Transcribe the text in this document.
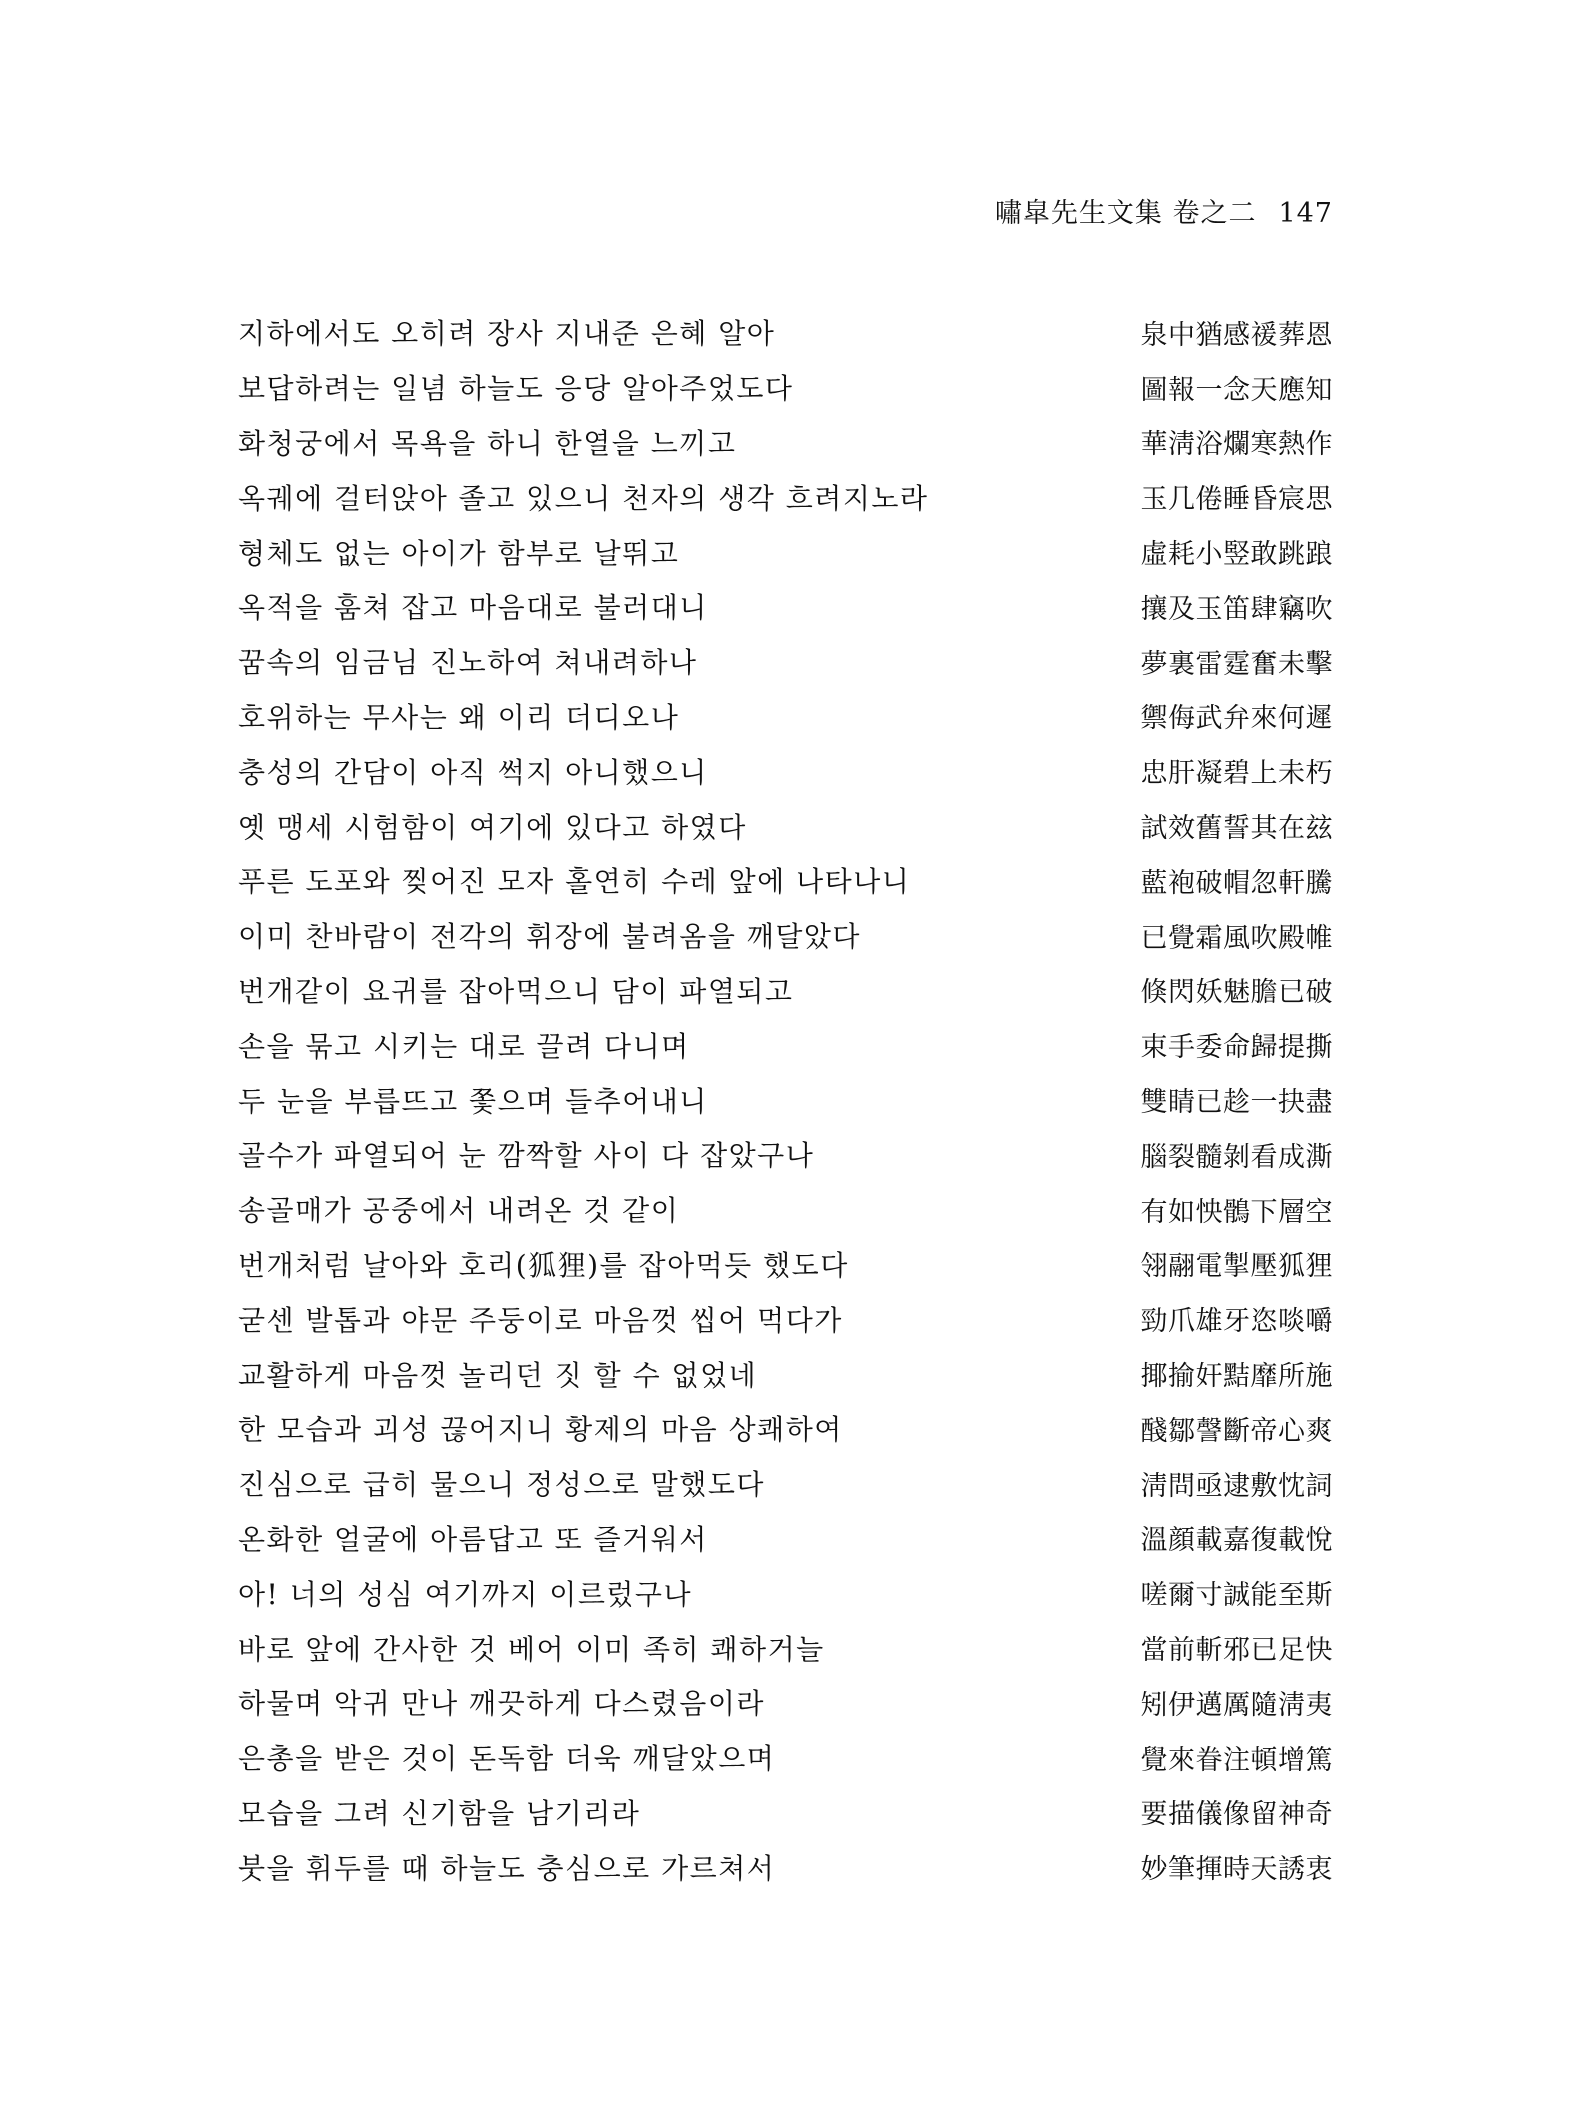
嘯皐先生文集 卷之二 147
지하에서도 오히려 장사 지내준 은혜 알아	泉中猶感禐葬恩
보답하려는 일념 하늘도 응당 알아주었도다	圖報一念天應知
화청궁에서 목욕을 하니 한열을 느끼고	華淸浴爛寒熱作
옥궤에 걸터앉아 졸고 있으니 천자의 생각 흐려지노라	玉几倦睡昏宸思
형체도 없는 아이가 함부로 날뛰고	虛耗小竪敢跳踉
옥적을 훔쳐 잡고 마음대로 불러대니	攘及玉笛肆竊吹
꿈속의 임금님 진노하여 쳐내려하나	夢裏雷霆奮未擊
호위하는 무사는 왜 이리 더디오나	禦侮武弁來何遲
충성의 간담이 아직 썩지 아니했으니	忠肝凝碧上未朽
옛 맹세 시험함이 여기에 있다고 하였다	試效舊誓其在玆
푸른 도포와 찢어진 모자 홀연히 수레 앞에 나타나니	藍袍破帽忽軒騰
이미 찬바람이 전각의 휘장에 불려옴을 깨달았다	已覺霜風吹殿帷
번개같이 요귀를 잡아먹으니 담이 파열되고	倏閃妖魅膽已破
손을 묶고 시키는 대로 끌려 다니며	束手委命歸提撕
두 눈을 부릅뜨고 쫓으며 들추어내니	雙睛已趁一抉盡
골수가 파열되어 눈 깜짝할 사이 다 잡았구나	腦裂髓剝看成澌
송골매가 공중에서 내려온 것 같이	有如怏鶻下層空
번개처럼 날아와 호리(狐狸)를 잡아먹듯 했도다	翎翮電掣壓狐狸
굳센 발톱과 야문 주둥이로 마음껏 씹어 먹다가	勁爪雄牙恣啖嚼
교활하게 마음껏 놀리던 짓 할 수 없었네	揶揄奸黠靡所施
한 모습과 괴성 끊어지니 황제의 마음 상쾌하여	醆鄒謦斷帝心爽
진심으로 급히 물으니 정성으로 말했도다	淸問亟逮敷忱詞
온화한 얼굴에 아름답고 또 즐거워서	溫顔載嘉復載悅
아! 너의 성심 여기까지 이르렀구나	嗟爾寸誠能至斯
바로 앞에 간사한 것 베어 이미 족히 쾌하거늘	當前斬邪已足快
하물며 악귀 만나 깨끗하게 다스렸음이라	矧伊邁厲隨淸夷
은총을 받은 것이 돈독함 더욱 깨달았으며	覺來眷注頓增篤
모습을 그려 신기함을 남기리라	要描儀像留神奇
붓을 휘두를 때 하늘도 충심으로 가르쳐서	妙筆揮時天誘衷
